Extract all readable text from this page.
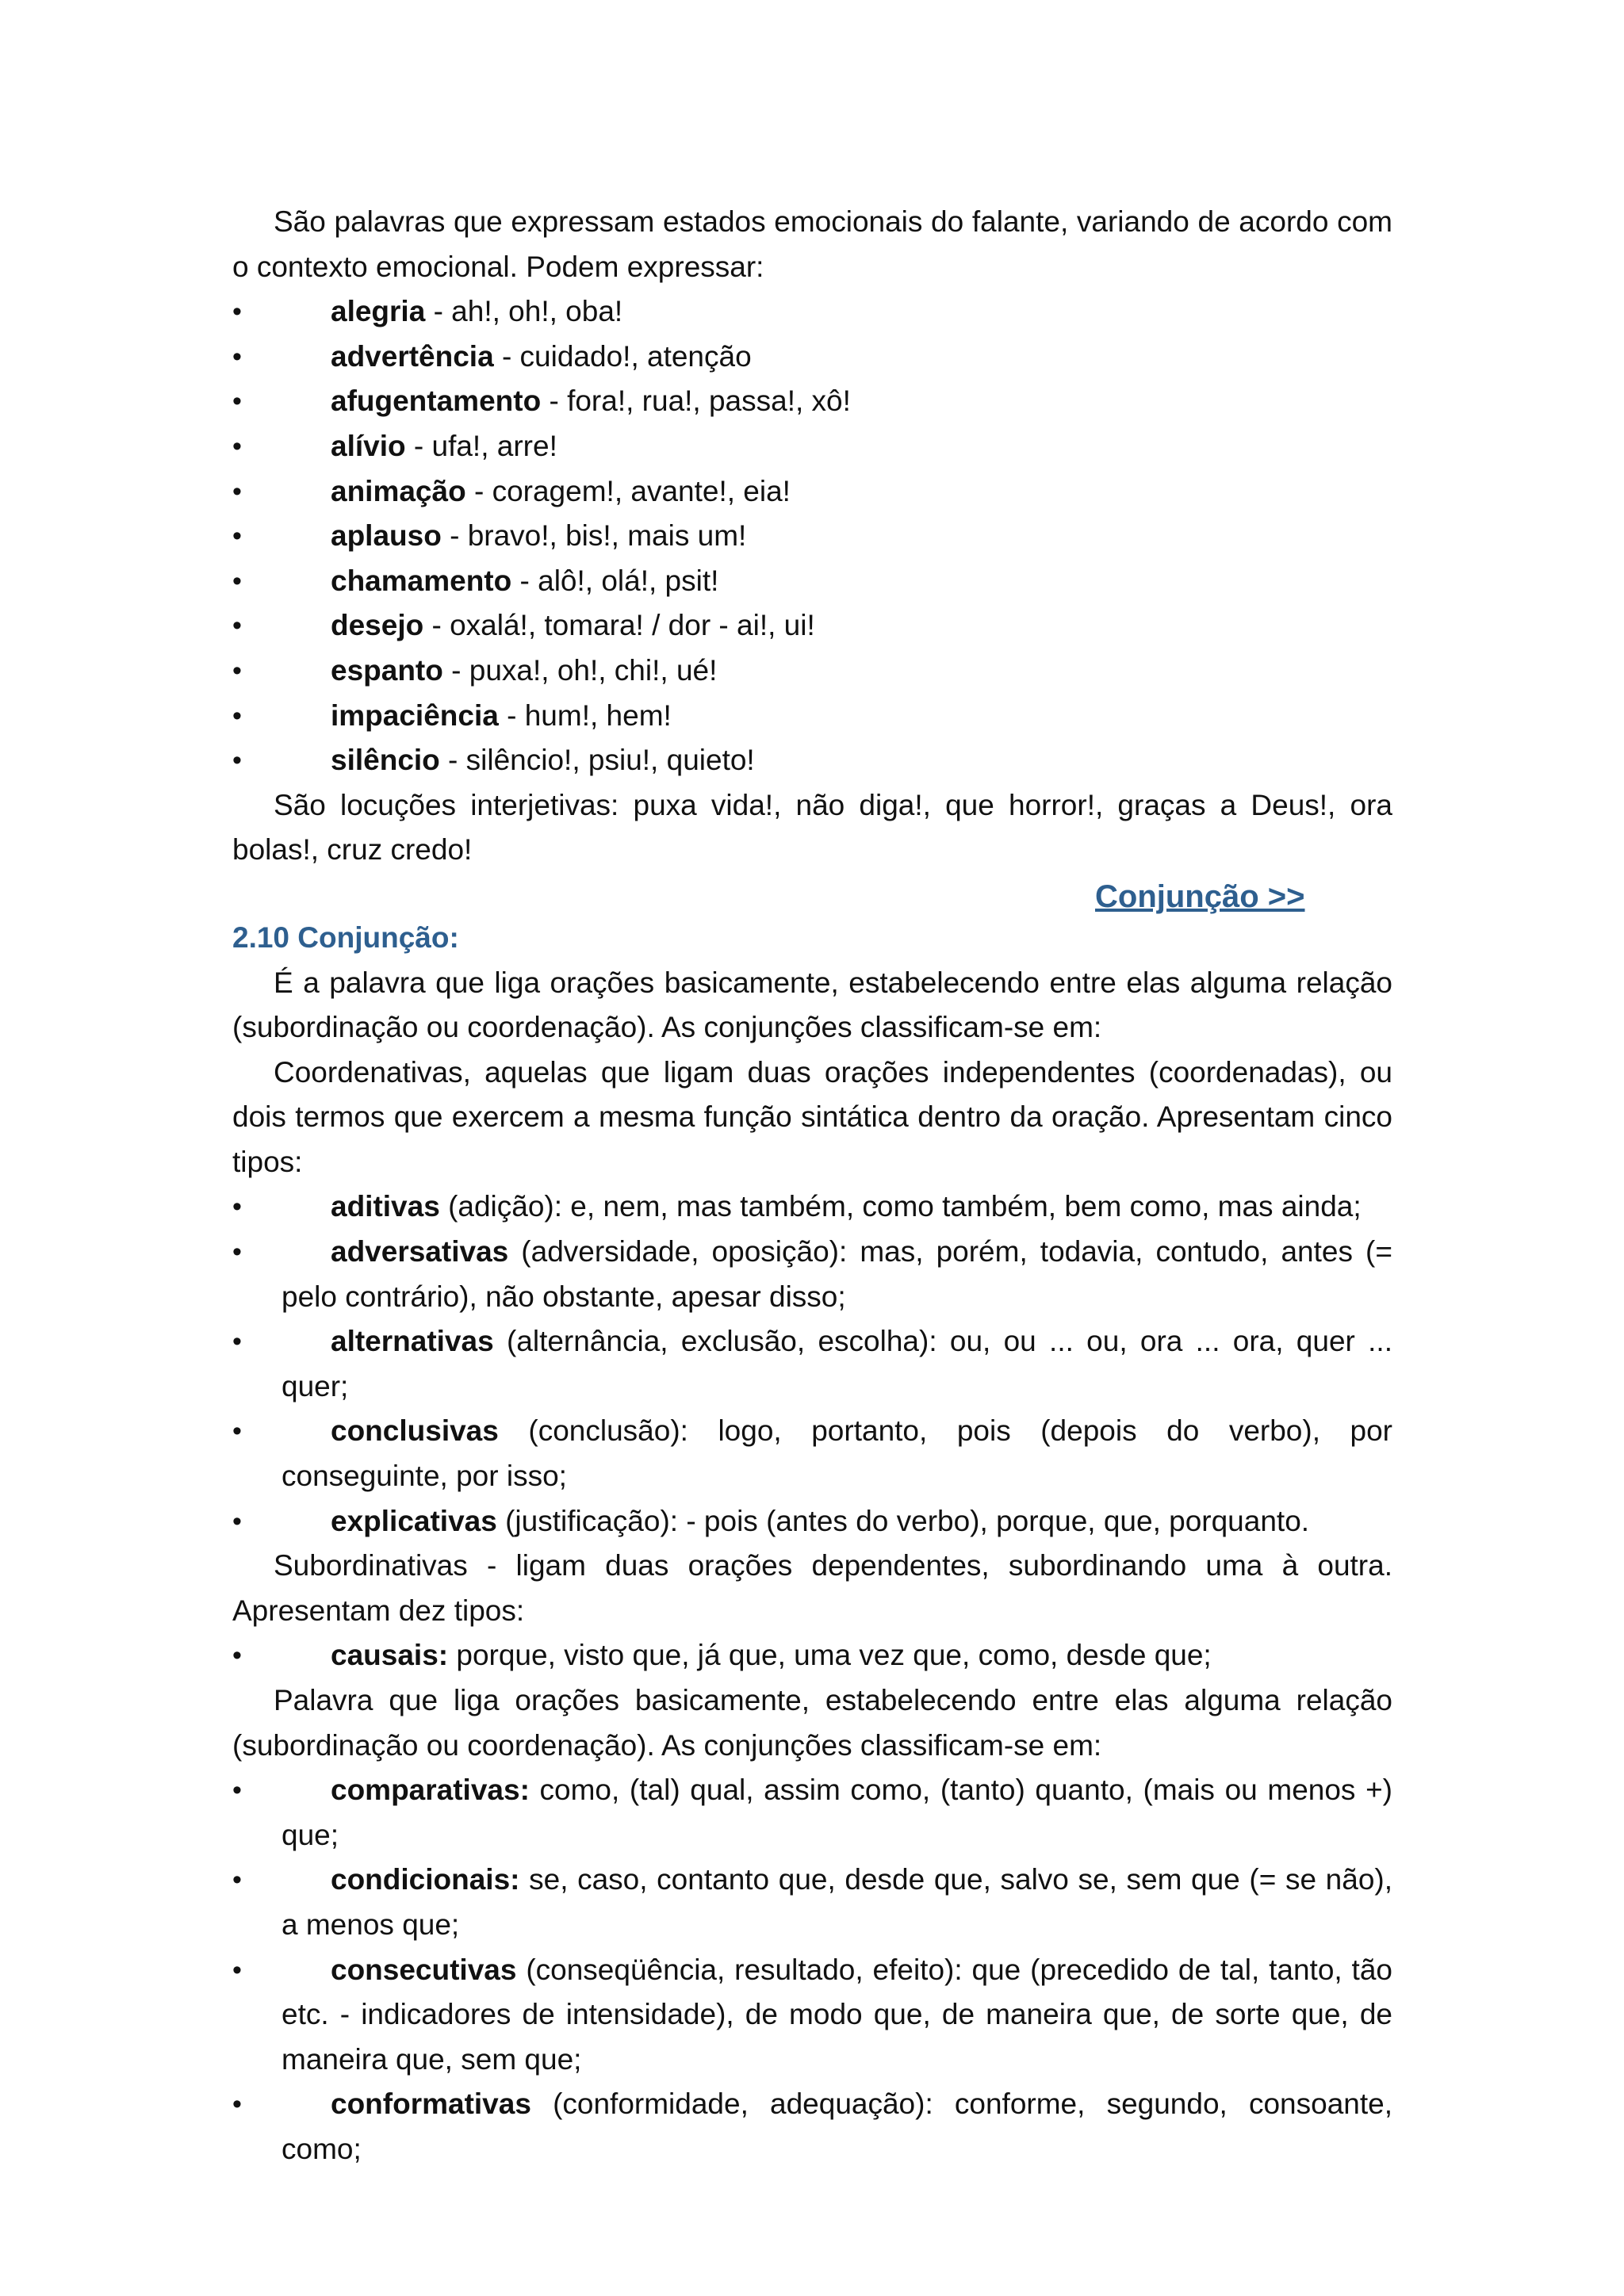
São palavras que expressam estados emocionais do falante, variando de acordo com o contexto emocional. Podem expressar:

• alegria - ah!, oh!, oba!
• advertência - cuidado!, atenção
• afugentamento - fora!, rua!, passa!, xô!
• alívio - ufa!, arre!
• animação - coragem!, avante!, eia!
• aplauso - bravo!, bis!, mais um!
• chamamento - alô!, olá!, psit!
• desejo - oxalá!, tomara! / dor - ai!, ui!
• espanto - puxa!, oh!, chi!, ué!
• impaciência - hum!, hem!
• silêncio - silêncio!, psiu!, quieto!

São locuções interjetivas: puxa vida!, não diga!, que horror!, graças a Deus!, ora bolas!, cruz credo!

Conjunção >>
2.10 Conjunção:

É a palavra que liga orações basicamente, estabelecendo entre elas alguma relação (subordinação ou coordenação). As conjunções classificam-se em:

Coordenativas, aquelas que ligam duas orações independentes (coordenadas), ou dois termos que exercem a mesma função sintática dentro da oração. Apresentam cinco tipos:

• aditivas (adição): e, nem, mas também, como também, bem como, mas ainda;
• adversativas (adversidade, oposição): mas, porém, todavia, contudo, antes (= pelo contrário), não obstante, apesar disso;
• alternativas (alternância, exclusão, escolha): ou, ou ... ou, ora ... ora, quer ... quer;
• conclusivas (conclusão): logo, portanto, pois (depois do verbo), por conseguinte, por isso;
• explicativas (justificação): - pois (antes do verbo), porque, que, porquanto.

Subordinativas - ligam duas orações dependentes, subordinando uma à outra. Apresentam dez tipos:

• causais: porque, visto que, já que, uma vez que, como, desde que;

Palavra que liga orações basicamente, estabelecendo entre elas alguma relação (subordinação ou coordenação). As conjunções classificam-se em:

• comparativas: como, (tal) qual, assim como, (tanto) quanto, (mais ou menos +) que;
• condicionais: se, caso, contanto que, desde que, salvo se, sem que (= se não), a menos que;
• consecutivas (conseqüência, resultado, efeito): que (precedido de tal, tanto, tão etc. - indicadores de intensidade), de modo que, de maneira que, de sorte que, de maneira que, sem que;
• conformativas (conformidade, adequação): conforme, segundo, consoante, como;
